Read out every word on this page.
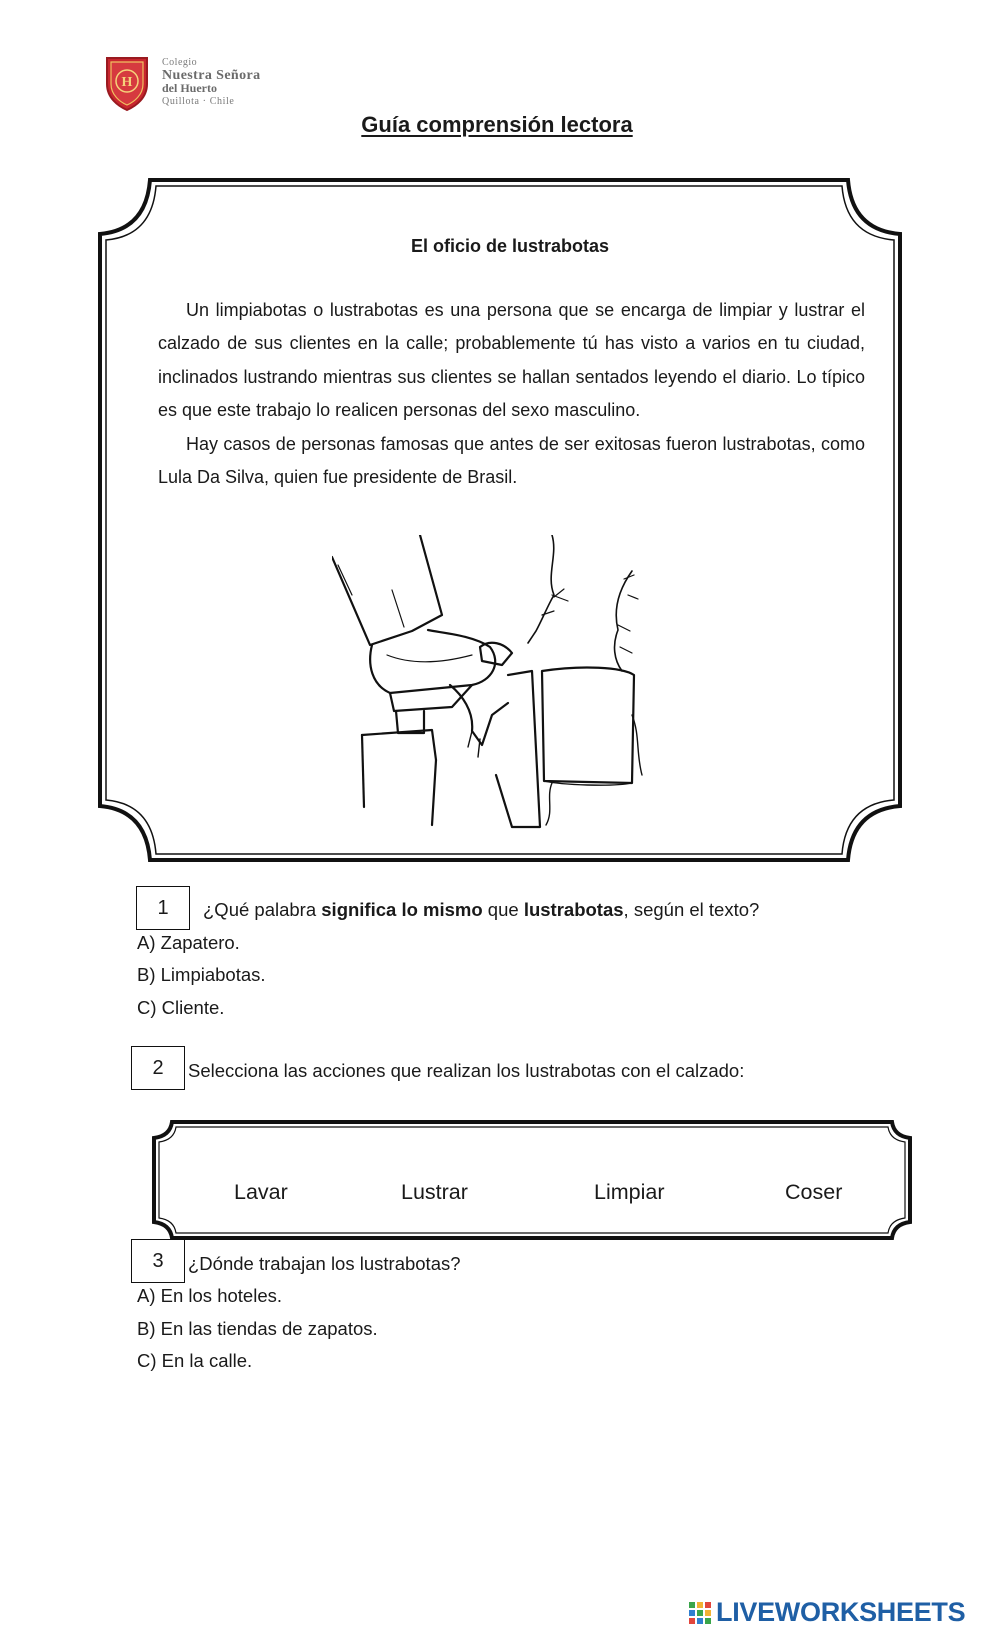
H
Colegio
Nuestra Señora
del Huerto
Quillota · Chile
Guía comprensión lectora
El oficio de lustrabotas

Un limpiabotas o lustrabotas es una persona que se encarga de limpiar y lustrar el calzado de sus clientes en la calle; probablemente tú has visto a varios en tu ciudad, inclinados lustrando mientras sus clientes se hallan sentados leyendo el diario. Lo típico es que este trabajo lo realicen personas del sexo masculino.

Hay casos de personas famosas que antes de ser exitosas fueron lustrabotas, como Lula Da Silva, quien fue presidente de Brasil.

1 ¿Qué palabra significa lo mismo que lustrabotas, según el texto?
A) Zapatero.
B) Limpiabotas.
C) Cliente.
2 Selecciona las acciones que realizan los lustrabotas con el calzado:
Lavar	Lustrar	Limpiar	Coser
3 ¿Dónde trabajan los lustrabotas?
A) En los hoteles.
B) En las tiendas de zapatos.
C) En la calle.
LIVEWORKSHEETS
